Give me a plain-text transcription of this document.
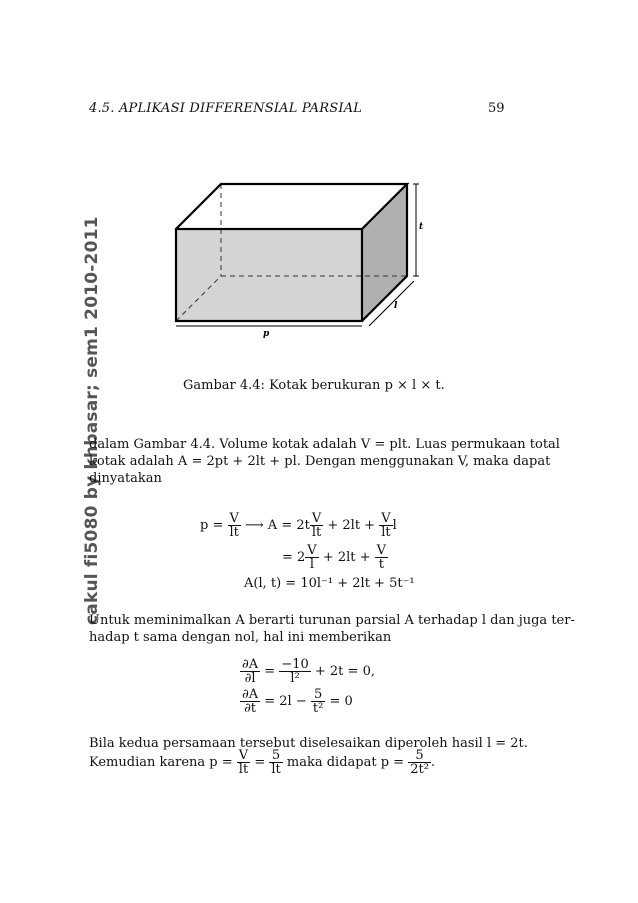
4.5. APLIKASI DIFFERENSIAL PARSIAL	59
cakul fi5080 by khbasar; sem1 2010-2011	t
l
p
Gambar 4.4: Kotak berukuran p × l × t.
dalam Gambar 4.4. Volume kotak adalah V = plt. Luas permukaan total
kotak adalah A = 2pt + 2lt + pl. Dengan menggunakan V, maka dapat
dinyatakan
$p = \frac{V}{lt}$ ⟶ $A = 2t \frac{V}{lt} + 2lt + \frac{V}{lt}$ l
= $2 \frac{V}{l} + 2lt + \frac{V}{t}$
A(l, t) = 10l⁻¹ + 2lt + 5t⁻¹
Untuk meminimalkan A berarti turunan parsial A terhadap l dan juga ter-
hadap t sama dengan nol, hal ini memberikan
$\frac{\partial A}{\partial l} = \frac{-10}{\text{l²}} + 2t = 0$,
$\frac{\partial A}{\partial t} = 2l - \frac{5}{\text{t²}} = 0$
Bila kedua persamaan tersebut diselesaikan diperoleh hasil l = 2t.
Kemudian karena $p = \frac{V}{lt} = \frac{5}{lt}$ maka didapat $p = \frac{5}{\text{2t²}}$ .
